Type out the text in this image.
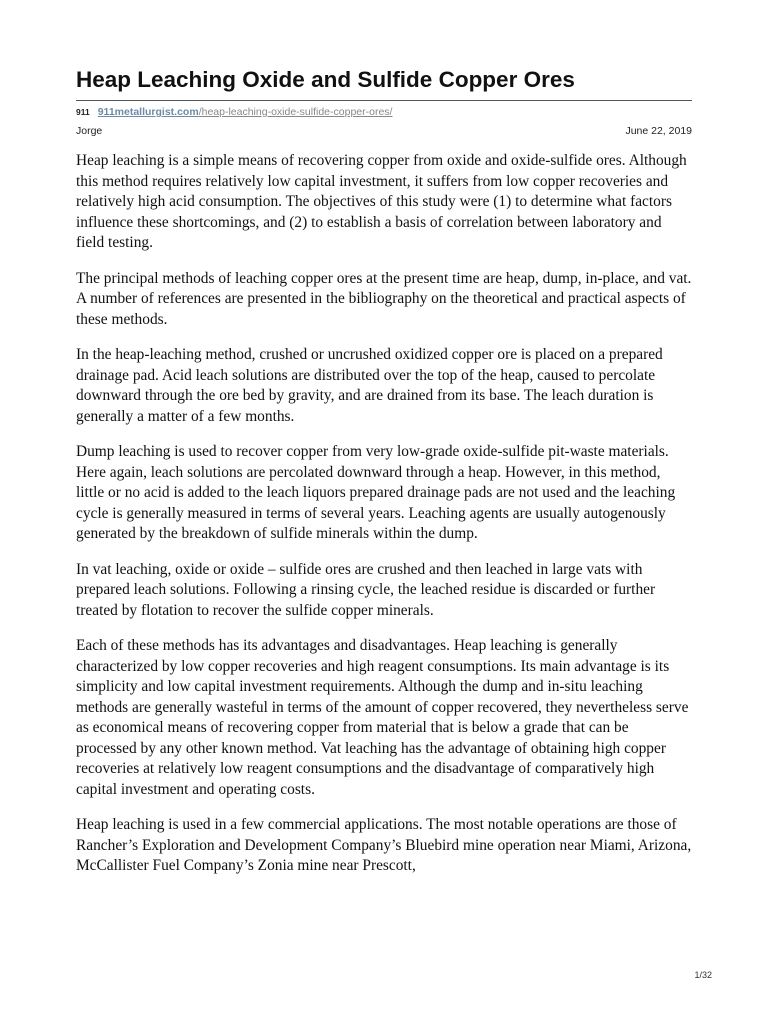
Heap Leaching Oxide and Sulfide Copper Ores
911 911metallurgist.com/heap-leaching-oxide-sulfide-copper-ores/
Jorge	June 22, 2019

Heap leaching is a simple means of recovering copper from oxide and oxide-sulfide ores. Although this method requires relatively low capital investment, it suffers from low copper recoveries and relatively high acid consumption. The objectives of this study were (1) to determine what factors influence these shortcomings, and (2) to establish a basis of correlation between laboratory and field testing.

The principal methods of leaching copper ores at the present time are heap, dump, in-place, and vat. A number of references are presented in the bibliography on the theoretical and practical aspects of these methods.

In the heap-leaching method, crushed or uncrushed oxidized copper ore is placed on a prepared drainage pad. Acid leach solutions are distributed over the top of the heap, caused to percolate downward through the ore bed by gravity, and are drained from its base. The leach duration is generally a matter of a few months.

Dump leaching is used to recover copper from very low-grade oxide-sulfide pit-waste materials. Here again, leach solutions are percolated downward through a heap. However, in this method, little or no acid is added to the leach liquors prepared drainage pads are not used and the leaching cycle is generally measured in terms of several years. Leaching agents are usually autogenously generated by the breakdown of sulfide minerals within the dump.

In vat leaching, oxide or oxide – sulfide ores are crushed and then leached in large vats with prepared leach solutions. Following a rinsing cycle, the leached residue is discarded or further treated by flotation to recover the sulfide copper minerals.

Each of these methods has its advantages and disadvantages. Heap leaching is generally characterized by low copper recoveries and high reagent consumptions. Its main advantage is its simplicity and low capital investment requirements. Although the dump and in-situ leaching methods are generally wasteful in terms of the amount of copper recovered, they nevertheless serve as economical means of recovering copper from material that is below a grade that can be processed by any other known method. Vat leaching has the advantage of obtaining high copper recoveries at relatively low reagent consumptions and the disadvantage of comparatively high capital investment and operating costs.

Heap leaching is used in a few commercial applications. The most notable operations are those of Rancher’s Exploration and Development Company’s Bluebird mine operation near Miami, Arizona, McCallister Fuel Company’s Zonia mine near Prescott,

1/32
